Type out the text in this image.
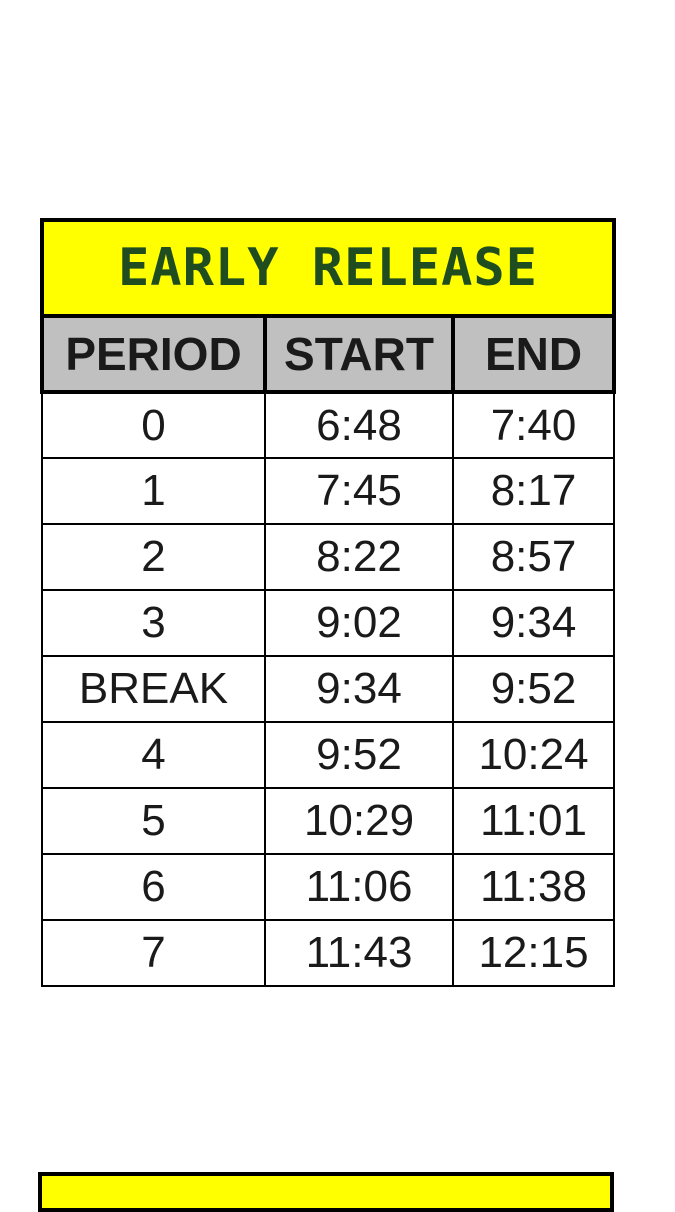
EARLY RELEASE		

PERIOD	START	END
0	6:48	7:40
1	7:45	8:17
2	8:22	8:57
3	9:02	9:34
BREAK	9:34	9:52
4	9:52	10:24
5	10:29	11:01
6	11:06	11:38
7	11:43	12:15
